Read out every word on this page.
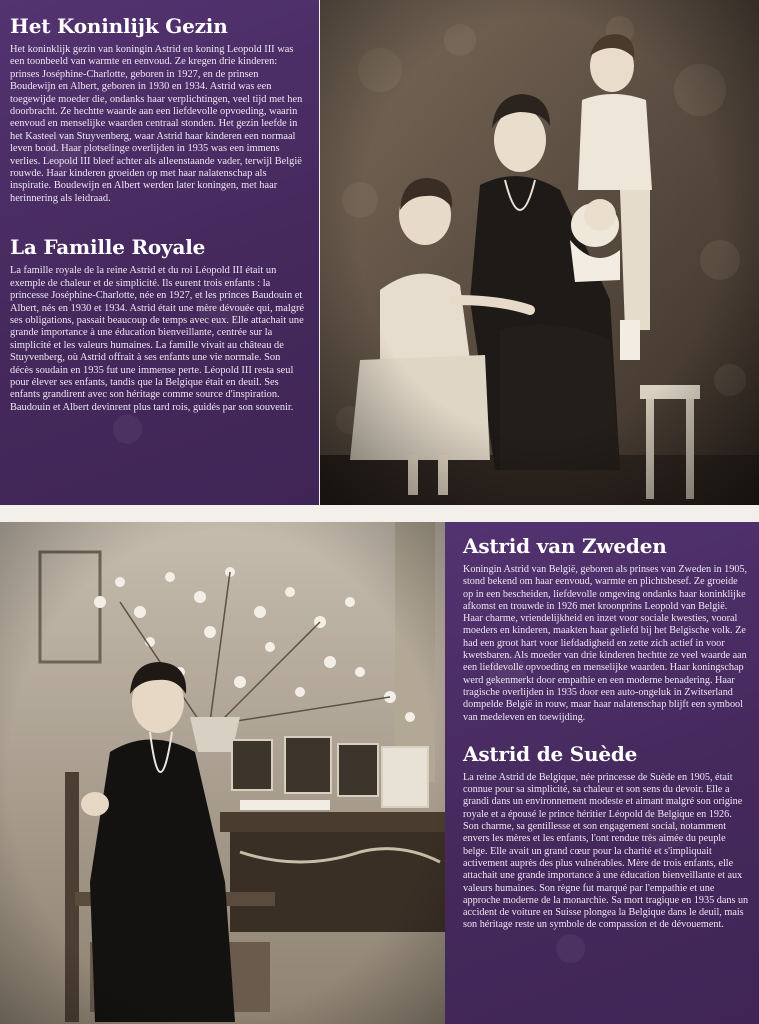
Het Koninlijk Gezin

Het koninklijk gezin van koningin Astrid en koning Leopold III was een toonbeeld van warmte en eenvoud. Ze kregen drie kinderen: prinses Joséphine-Charlotte, geboren in 1927, en de prinsen Boudewijn en Albert, geboren in 1930 en 1934. Astrid was een toegewijde moeder die, ondanks haar verplichtingen, veel tijd met hen doorbracht. Ze hechtte waarde aan een liefdevolle opvoeding, waarin eenvoud en menselijke waarden centraal stonden. Het gezin leefde in het Kasteel van Stuyvenberg, waar Astrid haar kinderen een normaal leven bood. Haar plotselinge overlijden in 1935 was een immens verlies. Leopold III bleef achter als alleenstaande vader, terwijl België rouwde. Haar kinderen groeiden op met haar nalatenschap als inspiratie. Boudewijn en Albert werden later koningen, met haar herinnering als leidraad.

La Famille Royale

La famille royale de la reine Astrid et du roi Léopold III était un exemple de chaleur et de simplicité. Ils eurent trois enfants : la princesse Joséphine-Charlotte, née en 1927, et les princes Baudouin et Albert, nés en 1930 et 1934. Astrid était une mère dévouée qui, malgré ses obligations, passait beaucoup de temps avec eux. Elle attachait une grande importance à une éducation bienveillante, centrée sur la simplicité et les valeurs humaines. La famille vivait au château de Stuyvenberg, où Astrid offrait à ses enfants une vie normale. Son décès soudain en 1935 fut une immense perte. Léopold III resta seul pour élever ses enfants, tandis que la Belgique était en deuil. Ses enfants grandirent avec son héritage comme source d'inspiration. Baudouin et Albert devinrent plus tard rois, guidés par son souvenir.

Astrid van Zweden

Koningin Astrid van België, geboren als prinses van Zweden in 1905, stond bekend om haar eenvoud, warmte en plichtsbesef. Ze groeide op in een bescheiden, liefdevolle omgeving ondanks haar koninklijke afkomst en trouwde in 1926 met kroonprins Leopold van België. Haar charme, vriendelijkheid en inzet voor sociale kwesties, vooral moeders en kinderen, maakten haar geliefd bij het Belgische volk. Ze had een groot hart voor liefdadigheid en zette zich actief in voor kwetsbaren. Als moeder van drie kinderen hechtte ze veel waarde aan een liefdevolle opvoeding en menselijke waarden. Haar koningschap werd gekenmerkt door empathie en een moderne benadering. Haar tragische overlijden in 1935 door een auto-ongeluk in Zwitserland dompelde België in rouw, maar haar nalatenschap blijft een symbool van medeleven en toewijding.

Astrid de Suède

La reine Astrid de Belgique, née princesse de Suède en 1905, était connue pour sa simplicité, sa chaleur et son sens du devoir. Elle a grandi dans un environnement modeste et aimant malgré son origine royale et a épousé le prince héritier Léopold de Belgique en 1926. Son charme, sa gentillesse et son engagement social, notamment envers les mères et les enfants, l'ont rendue très aimée du peuple belge. Elle avait un grand cœur pour la charité et s'impliquait activement auprès des plus vulnérables. Mère de trois enfants, elle attachait une grande importance à une éducation bienveillante et aux valeurs humaines. Son règne fut marqué par l'empathie et une approche moderne de la monarchie. Sa mort tragique en 1935 dans un accident de voiture en Suisse plongea la Belgique dans le deuil, mais son héritage reste un symbole de compassion et de dévouement.
